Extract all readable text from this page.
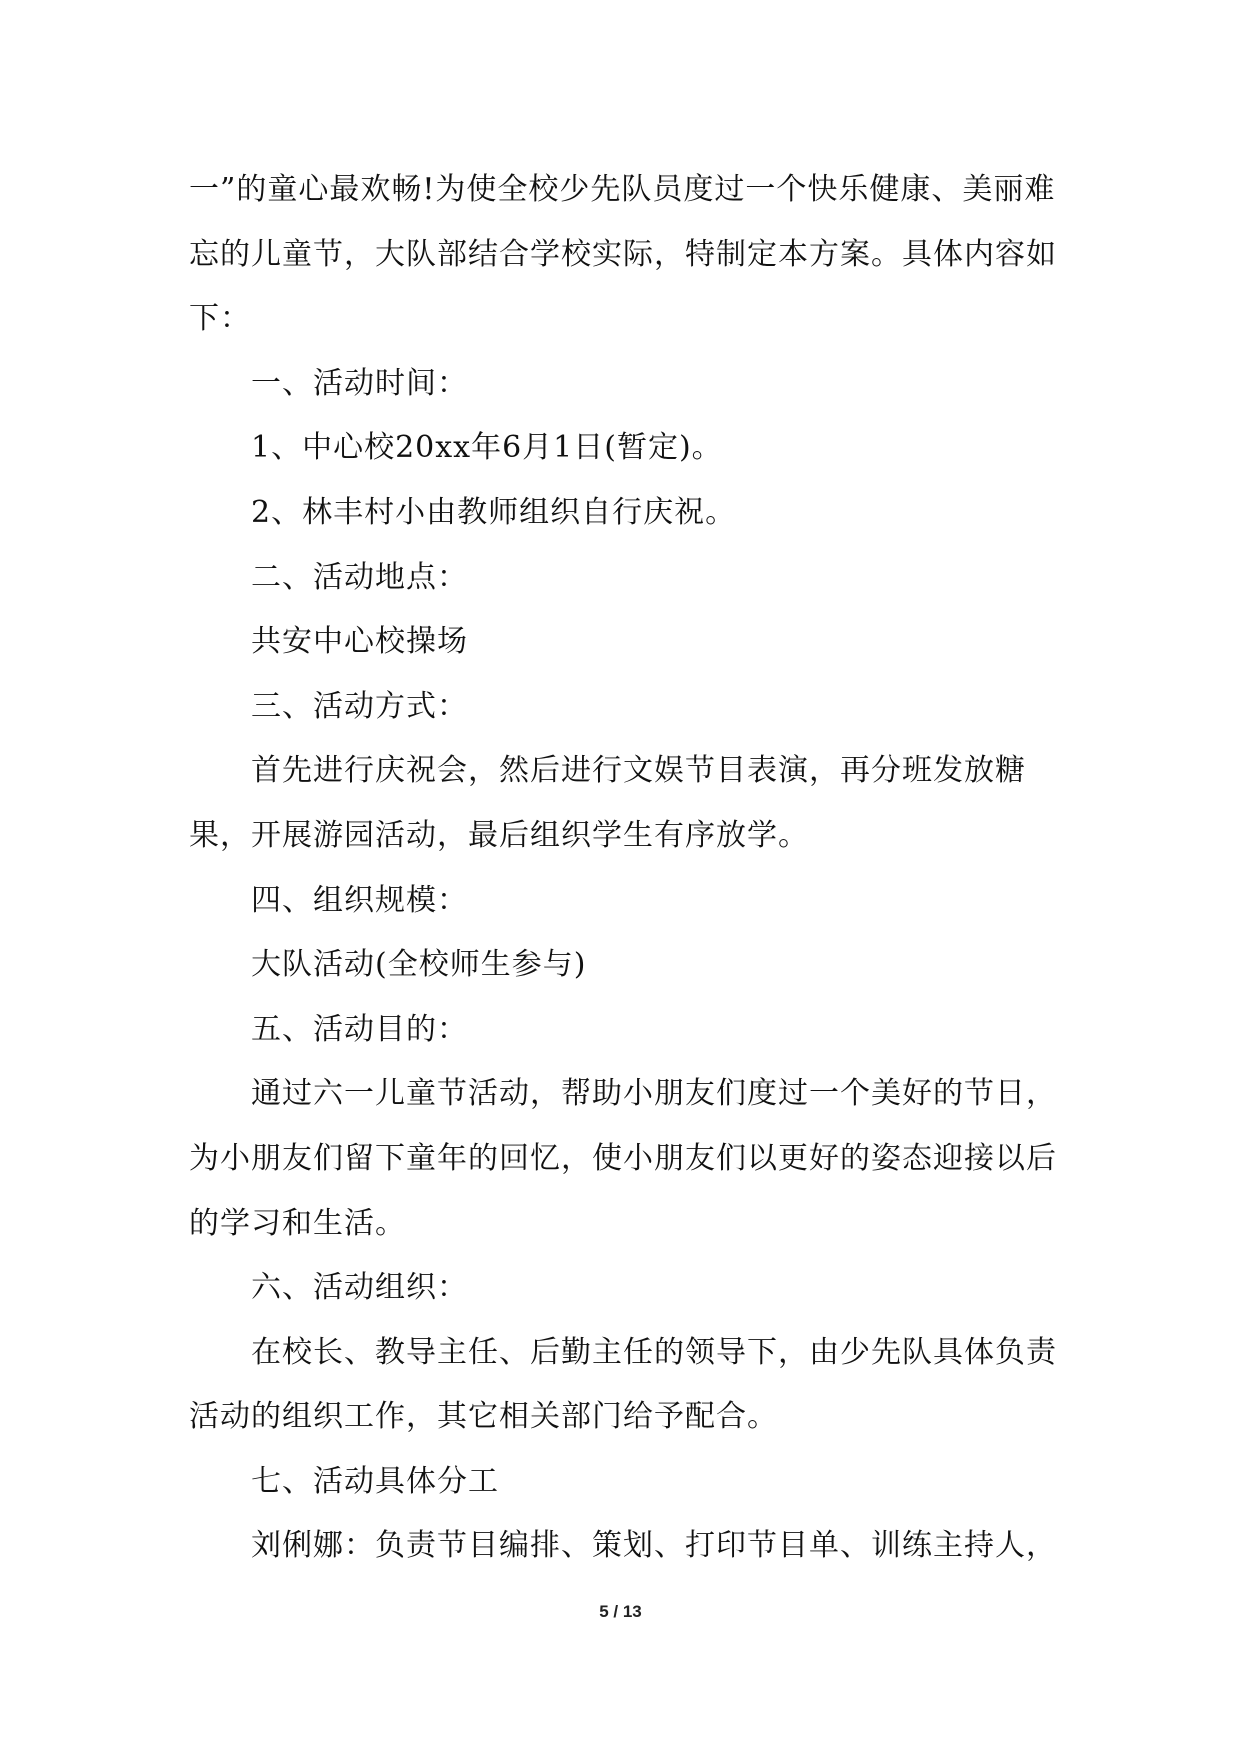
一”的童心最欢畅!为使全校少先队员度过一个快乐健康、美丽难忘的儿童节，大队部结合学校实际，特制定本方案。具体内容如下：

一、活动时间：

1、中心校20xx年6月1日(暂定)。

2、林丰村小由教师组织自行庆祝。

二、活动地点：

共安中心校操场

三、活动方式：

首先进行庆祝会，然后进行文娱节目表演，再分班发放糖果，开展游园活动，最后组织学生有序放学。

四、组织规模：

大队活动(全校师生参与)

五、活动目的：

通过六一儿童节活动，帮助小朋友们度过一个美好的节日，为小朋友们留下童年的回忆，使小朋友们以更好的姿态迎接以后的学习和生活。

六、活动组织：

在校长、教导主任、后勤主任的领导下，由少先队具体负责活动的组织工作，其它相关部门给予配合。

七、活动具体分工

刘俐娜：负责节目编排、策划、打印节目单、训练主持人，

5 / 13
